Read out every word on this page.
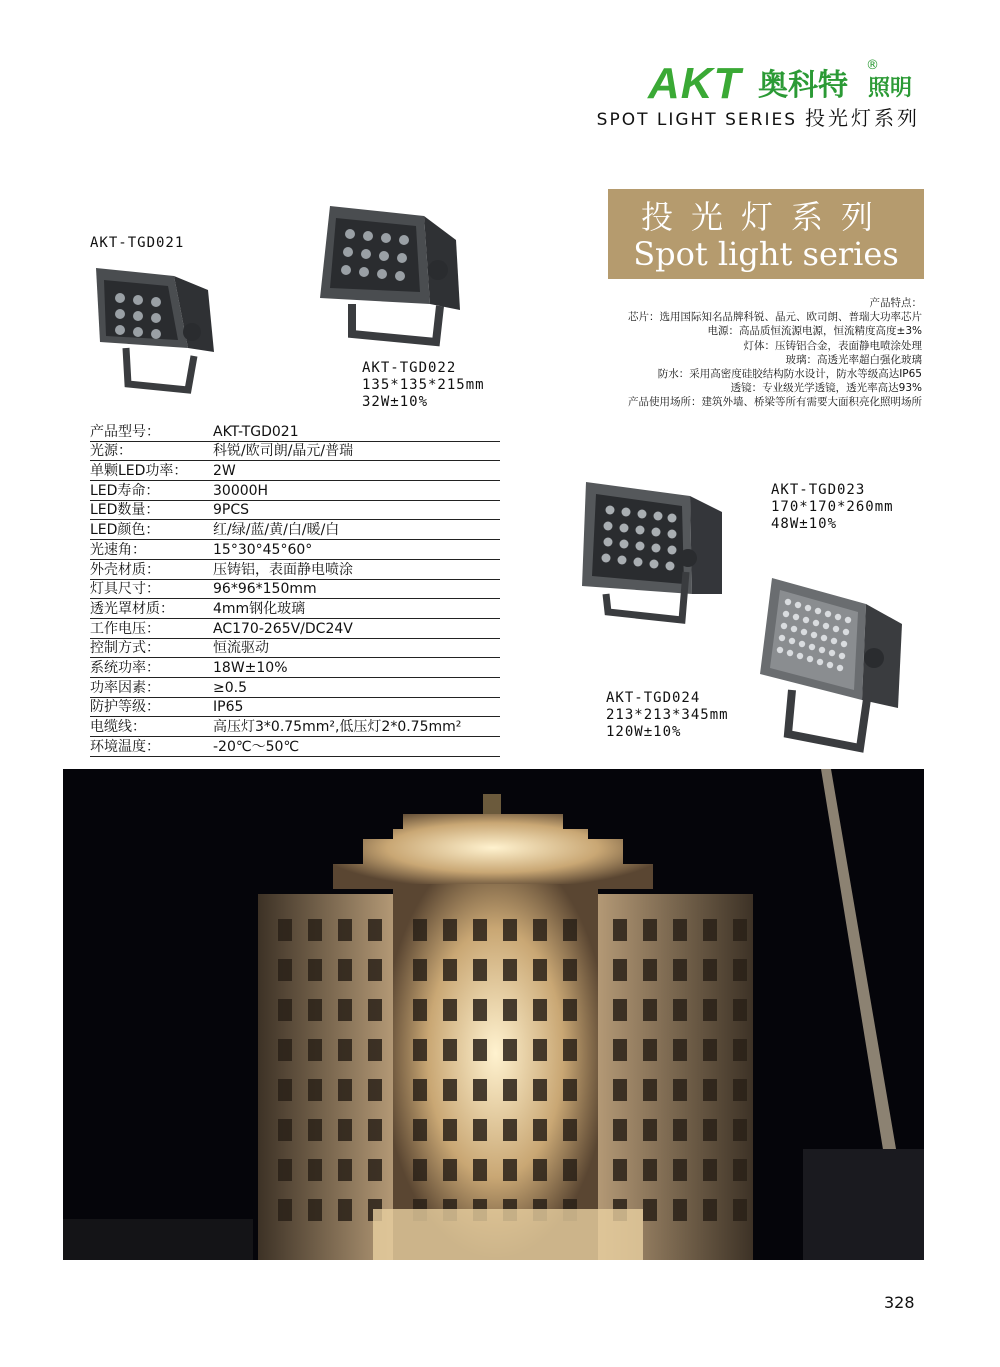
AKT 奥科特 照明
®
SPOT LIGHT SERIES 投光灯系列
投光灯系列
Spot light series
产品特点：
芯片：选用国际知名品牌科锐、晶元、欧司朗、普瑞大功率芯片
电源：高品质恒流源电源，恒流精度高度±3%
灯体：压铸铝合金，表面静电喷涂处理
玻璃：高透光率超白强化玻璃
防水：采用高密度硅胶结构防水设计，防水等级高达IP65
透镜：专业级光学透镜，透光率高达93%
产品使用场所：建筑外墙、桥梁等所有需要大面积亮化照明场所
AKT-TGD021
AKT-TGD022
135*135*215mm
32W±10%
产品型号：	AKT-TGD021
光源：	科锐/欧司朗/晶元/普瑞
单颗LED功率：	2W
LED寿命：	30000H
LED数量：	9PCS
LED颜色：	红/绿/蓝/黄/白/暖/白
光速角：	15°30°45°60°
外壳材质：	压铸铝，表面静电喷涂
灯具尺寸：	96*96*150mm
透光罩材质：	4mm钢化玻璃
工作电压：	AC170-265V/DC24V
控制方式：	恒流驱动
系统功率：	18W±10%
功率因素：	≥0.5
防护等级：	IP65
电缆线：	高压灯3*0.75mm²,低压灯2*0.75mm²
环境温度：	-20℃～50℃
AKT-TGD023
170*170*260mm
48W±10%
AKT-TGD024
213*213*345mm
120W±10%
328
